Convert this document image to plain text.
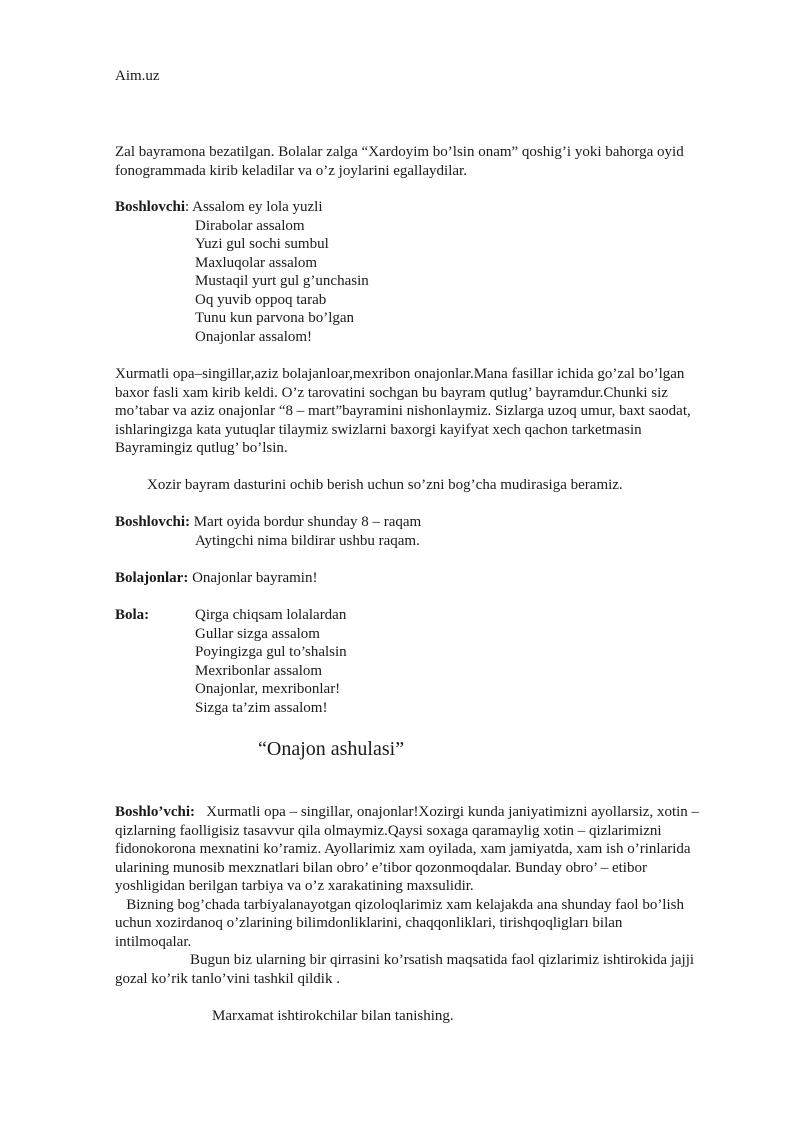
Aim.uz
Zal bayramona bezatilgan. Bolalar zalga “Xardoyim bo’lsin onam” qoshig’i yoki bahorga oyid
fonogrammada kirib keladilar va o’z joylarini egallaydilar.
Boshlovchi: Assalom ey lola yuzli
Dirabolar assalom
Yuzi gul sochi sumbul
Maxluqolar assalom
Mustaqil yurt gul g’unchasin
Oq yuvib oppoq tarab
Tunu kun parvona bo’lgan
Onajonlar assalom!
Xurmatli opa–singillar,aziz bolajanloar,mexribon onajonlar.Mana fasillar ichida go’zal bo’lgan
baxor fasli xam kirib keldi. O’z tarovatini sochgan bu bayram qutlug’ bayramdur.Chunki siz
mo’tabar va aziz onajonlar “8 – mart”bayramini nishonlaymiz. Sizlarga uzoq umur, baxt saodat,
ishlaringizga kata yutuqlar tilaymiz swizlarni baxorgi kayifyat xech qachon tarketmasin
Bayramingiz qutlug’ bo’lsin.
Xozir bayram dasturini ochib berish uchun so’zni bog’cha mudirasiga beramiz.
Boshlovchi: Mart oyida bordur shunday 8 – raqam
Aytingchi nima bildirar ushbu raqam.
Bolajonlar: Onajonlar bayramin!
Bola:	Qirga chiqsam lolalardan
Gullar sizga assalom
Poyingizga gul to’shalsin
Mexribonlar assalom
Onajonlar, mexribonlar!
Sizga ta’zim assalom!
“Onajon ashulasi”
Boshlo’vchi:   Xurmatli opa – singillar, onajonlar!Xozirgi kunda janiyatimizni ayollarsiz, xotin –
qizlarning faolligisiz tasavvur qila olmaymiz.Qaysi soxaga qaramaylig xotin – qizlarimizni
fidonokorona mexnatini ko’ramiz. Ayollarimiz xam oyilada, xam jamiyatda, xam ish o’rinlarida
ularining munosib mexznatlari bilan obro’ e’tibor qozonmoqdalar. Bunday obro’ – etibor
yoshligidan berilgan tarbiya va o’z xarakatining maxsulidir.
Bizning bog’chada tarbiyalanayotgan qizoloqlarimiz xam kelajakda ana shunday faol bo’lish
uchun xozirdanoq o’zlarining bilimdonliklarini, chaqqonliklari, tirishqoqligları bilan
intilmoqalar.
Bugun biz ularning bir qirrasini ko’rsatish maqsatida faol qizlarimiz ishtirokida jajji
gozal ko’rik tanlo’vini tashkil qildik .
Marxamat ishtirokchilar bilan tanishing.
